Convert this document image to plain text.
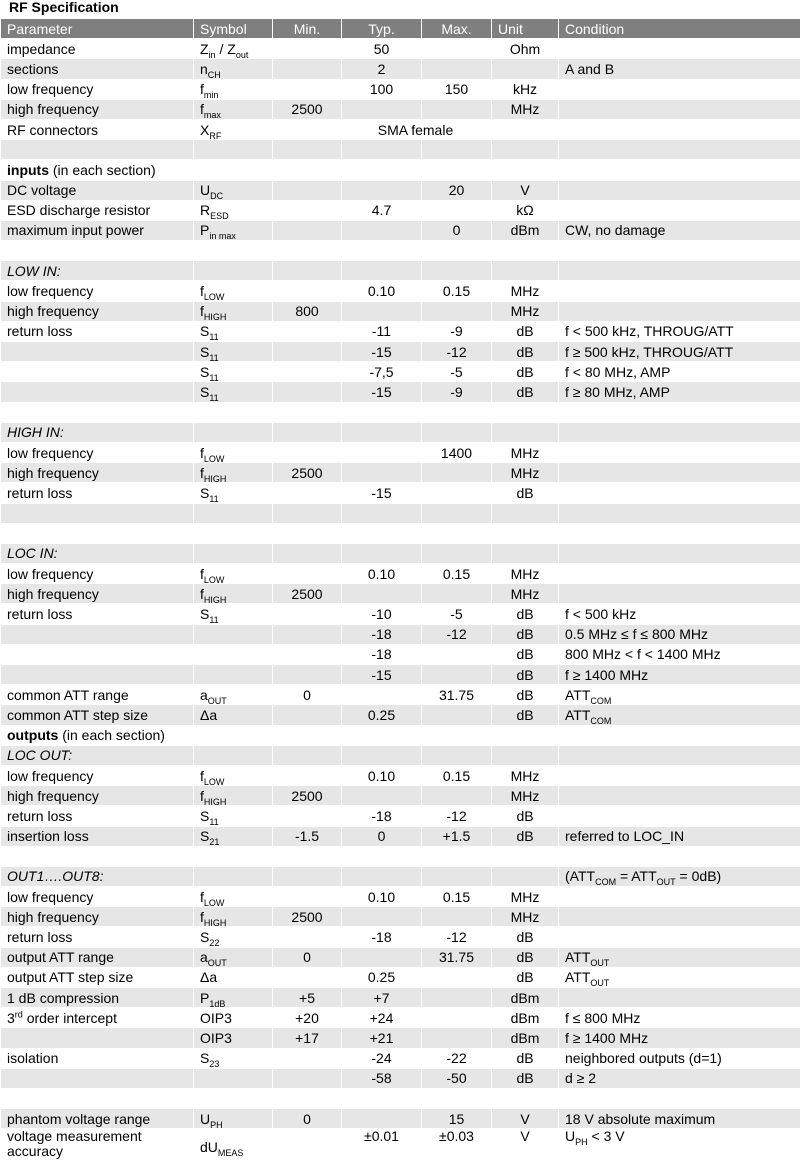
RF Specification
Parameter	Symbol	Min.	Typ.	Max.	Unit	Condition
impedance	$Z_{in} / Z_{out}$		50		Ohm	
sections	$n_{CH}$		2			A and B
low frequency	$f_{min}$		100	150	kHz	
high frequency	$f_{max}$	2500			MHz	
RF connectors	$X_{RF}$	SMA female				

inputs (in each section)						
DC voltage	$U_{DC}$			20	V	
ESD discharge resistor	$R_{ESD}$		4.7		kΩ	
maximum input power	$P_{in max}$			0	dBm	CW, no damage

LOW IN:						
low frequency	$f_{LOW}$		0.10	0.15	MHz	
high frequency	$f_{HIGH}$	800			MHz	
return loss	$S_{11}$		-11	-9	dB	f < 500 kHz, THROUG/ATT
	$S_{11}$		-15	-12	dB	f ≥ 500 kHz, THROUG/ATT
	$S_{11}$		-7,5	-5	dB	f < 80 MHz, AMP
	$S_{11}$		-15	-9	dB	f ≥ 80 MHz, AMP

HIGH IN:						
low frequency	$f_{LOW}$			1400	MHz	
high frequency	$f_{HIGH}$	2500			MHz	
return loss	$S_{11}$		-15		dB	

LOC IN:						
low frequency	$f_{LOW}$		0.10	0.15	MHz	
high frequency	$f_{HIGH}$	2500			MHz	
return loss	$S_{11}$		-10	-5	dB	f < 500 kHz
			-18	-12	dB	0.5 MHz ≤ f ≤ 800 MHz
			-18		dB	800 MHz < f < 1400 MHz
			-15		dB	f ≥ 1400 MHz
common ATT range	$a_{OUT}$	0		31.75	dB	$ATT_{COM}$
common ATT step size	Δa		0.25		dB	$ATT_{COM}$
outputs (in each section)						
LOC OUT:						
low frequency	$f_{LOW}$		0.10	0.15	MHz	
high frequency	$f_{HIGH}$	2500			MHz	
return loss	$S_{11}$		-18	-12	dB	
insertion loss	$S_{21}$	-1.5	0	+1.5	dB	referred to LOC_IN

OUT1….OUT8:						$(ATT_{COM} = ATT_{OUT} = 0dB)$
low frequency	$f_{LOW}$		0.10	0.15	MHz	
high frequency	$f_{HIGH}$	2500			MHz	
return loss	$S_{22}$		-18	-12	dB	
output ATT range	$a_{OUT}$	0		31.75	dB	$ATT_{OUT}$
output ATT step size	Δa		0.25		dB	$ATT_{OUT}$
1 dB compression	$P_{1dB}$	+5	+7		dBm	
3rd order intercept	OIP3	+20	+24		dBm	f ≤ 800 MHz
	OIP3	+17	+21		dBm	f ≥ 1400 MHz
isolation	$S_{23}$		-24	-22	dB	neighbored outputs (d=1)
			-58	-50	dB	d ≥ 2

phantom voltage range	$U_{PH}$	0		15	V	18 V absolute maximum
voltage measurement accuracy	$dU_{MEAS}$		±0.01	±0.03	V	$U_{PH} < 3$ V
